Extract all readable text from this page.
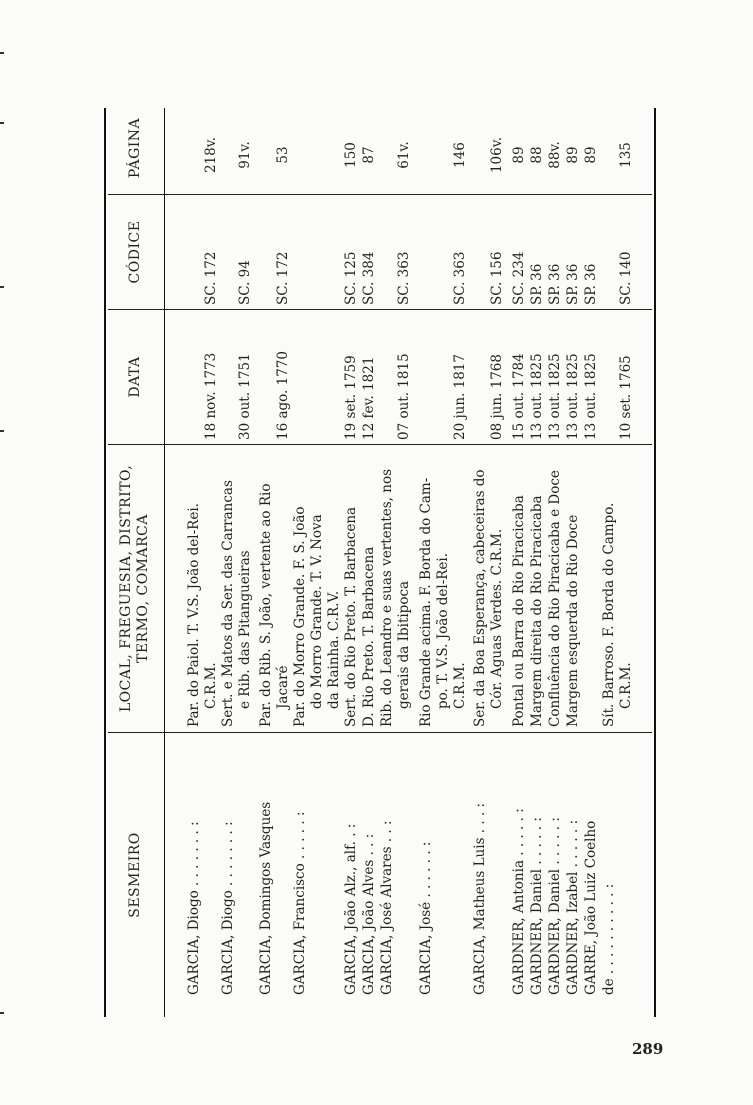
SESMEIRO
LOCAL, FREGUESIA, DISTRITO, TERMO, COMARCA
DATA
CÓDICE
PÁGINA
GARCIA, Diogo . . . . . . . :
Par. do Paiol. T. V.S. João del-Rei. C.R.M.
18 nov. 1773
SC. 172
218v.
GARCIA, Diogo . . . . . . . :
Sert. e Matos da Ser. das Carrancas e Rib. das Pitangueiras
30 out. 1751
SC. 94
91v.
GARCIA, Domingos Vasques
Par. do Rib. S. João, vertente ao Rio Jacaré
16 ago. 1770
SC. 172
53
GARCIA, Francisco . . . . . :
Par. do Morro Grande. F. S. João do Morro Grande. T. V. Nova da Rainha. C.R.V.
GARCIA, João Alz., alf. . :
Sert. do Rio Preto. T. Barbacena
19 set. 1759
SC. 125
150
GARCIA, João Alves . . :
D. Rio Preto. T. Barbacena
12 fev. 1821
SC. 384
87
GARCIA, José Alvares . . :
Rib. do Leandro e suas vertentes, nos gerais da Ibitipoca
07 out. 1815
SC. 363
61v.
GARCIA, José . . . . . . :
Rio Grande acima. F. Borda do Cam- po. T. V.S. João del-Rei. C.R.M.
20 jun. 1817
SC. 363
146
GARCIA, Matheus Luis . . . :
Ser. da Boa Esperança, cabeceiras do Cór. Aguas Verdes. C.R.M.
08 jun. 1768
SC. 156
106v.
GARDNER, Antonia . . . . . :
Pontal ou Barra do Rio Piracicaba
15 out. 1784
SC. 234
89
GARDNER, Daniel . . . . . :
Margem direita do Rio Piracicaba
13 out. 1825
SP. 36
88
GARDNER, Daniel . . . . . :
Confluência do Rio Piracicaba e Doce
13 out. 1825
SP. 36
88v.
GARDNER, Izabel . . . . . :
Margem esquerda do Rio Doce
13 out. 1825
SP. 36
89
GARRE, João Luiz Coelho
13 out. 1825
SP. 36
89
de . . . . . . . . . . :
Sít. Barroso. F. Borda do Campo. C.R.M.
10 set. 1765
SC. 140
135
289
